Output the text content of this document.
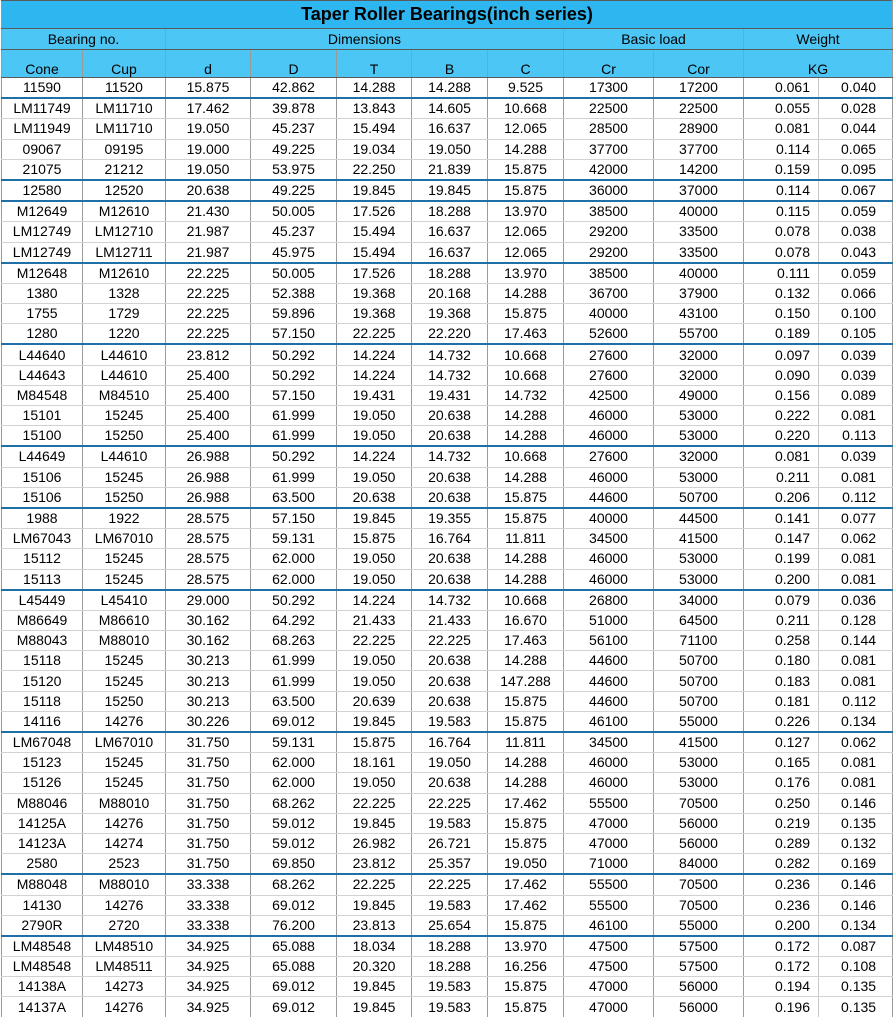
Taper Roller Bearings(inch series)										
Bearing no.		Dimensions					Basic load		Weight	
Cone	Cup	d	D	T	B	C	Cr	Cor	KG	
11590	11520	15.875	42.862	14.288	14.288	9.525	17300	17200	0.061	0.040
LM11749	LM11710	17.462	39.878	13.843	14.605	10.668	22500	22500	0.055	0.028
LM11949	LM11710	19.050	45.237	15.494	16.637	12.065	28500	28900	0.081	0.044
09067	09195	19.000	49.225	19.034	19.050	14.288	37700	37700	0.114	0.065
21075	21212	19.050	53.975	22.250	21.839	15.875	42000	14200	0.159	0.095
12580	12520	20.638	49.225	19.845	19.845	15.875	36000	37000	0.114	0.067
M12649	M12610	21.430	50.005	17.526	18.288	13.970	38500	40000	0.115	0.059
LM12749	LM12710	21.987	45.237	15.494	16.637	12.065	29200	33500	0.078	0.038
LM12749	LM12711	21.987	45.975	15.494	16.637	12.065	29200	33500	0.078	0.043
M12648	M12610	22.225	50.005	17.526	18.288	13.970	38500	40000	0.111	0.059
1380	1328	22.225	52.388	19.368	20.168	14.288	36700	37900	0.132	0.066
1755	1729	22.225	59.896	19.368	19.368	15.875	40000	43100	0.150	0.100
1280	1220	22.225	57.150	22.225	22.220	17.463	52600	55700	0.189	0.105
L44640	L44610	23.812	50.292	14.224	14.732	10.668	27600	32000	0.097	0.039
L44643	L44610	25.400	50.292	14.224	14.732	10.668	27600	32000	0.090	0.039
M84548	M84510	25.400	57.150	19.431	19.431	14.732	42500	49000	0.156	0.089
15101	15245	25.400	61.999	19.050	20.638	14.288	46000	53000	0.222	0.081
15100	15250	25.400	61.999	19.050	20.638	14.288	46000	53000	0.220	0.113
L44649	L44610	26.988	50.292	14.224	14.732	10.668	27600	32000	0.081	0.039
15106	15245	26.988	61.999	19.050	20.638	14.288	46000	53000	0.211	0.081
15106	15250	26.988	63.500	20.638	20.638	15.875	44600	50700	0.206	0.112
1988	1922	28.575	57.150	19.845	19.355	15.875	40000	44500	0.141	0.077
LM67043	LM67010	28.575	59.131	15.875	16.764	11.811	34500	41500	0.147	0.062
15112	15245	28.575	62.000	19.050	20.638	14.288	46000	53000	0.199	0.081
15113	15245	28.575	62.000	19.050	20.638	14.288	46000	53000	0.200	0.081
L45449	L45410	29.000	50.292	14.224	14.732	10.668	26800	34000	0.079	0.036
M86649	M86610	30.162	64.292	21.433	21.433	16.670	51000	64500	0.211	0.128
M88043	M88010	30.162	68.263	22.225	22.225	17.463	56100	71100	0.258	0.144
15118	15245	30.213	61.999	19.050	20.638	14.288	44600	50700	0.180	0.081
15120	15245	30.213	61.999	19.050	20.638	147.288	44600	50700	0.183	0.081
15118	15250	30.213	63.500	20.639	20.638	15.875	44600	50700	0.181	0.112
14116	14276	30.226	69.012	19.845	19.583	15.875	46100	55000	0.226	0.134
LM67048	LM67010	31.750	59.131	15.875	16.764	11.811	34500	41500	0.127	0.062
15123	15245	31.750	62.000	18.161	19.050	14.288	46000	53000	0.165	0.081
15126	15245	31.750	62.000	19.050	20.638	14.288	46000	53000	0.176	0.081
M88046	M88010	31.750	68.262	22.225	22.225	17.462	55500	70500	0.250	0.146
14125A	14276	31.750	59.012	19.845	19.583	15.875	47000	56000	0.219	0.135
14123A	14274	31.750	59.012	26.982	26.721	15.875	47000	56000	0.289	0.132
2580	2523	31.750	69.850	23.812	25.357	19.050	71000	84000	0.282	0.169
M88048	M88010	33.338	68.262	22.225	22.225	17.462	55500	70500	0.236	0.146
14130	14276	33.338	69.012	19.845	19.583	17.462	55500	70500	0.236	0.146
2790R	2720	33.338	76.200	23.813	25.654	15.875	46100	55000	0.200	0.134
LM48548	LM48510	34.925	65.088	18.034	18.288	13.970	47500	57500	0.172	0.087
LM48548	LM48511	34.925	65.088	20.320	18.288	16.256	47500	57500	0.172	0.108
14138A	14273	34.925	69.012	19.845	19.583	15.875	47000	56000	0.194	0.135
14137A	14276	34.925	69.012	19.845	19.583	15.875	47000	56000	0.196	0.135
